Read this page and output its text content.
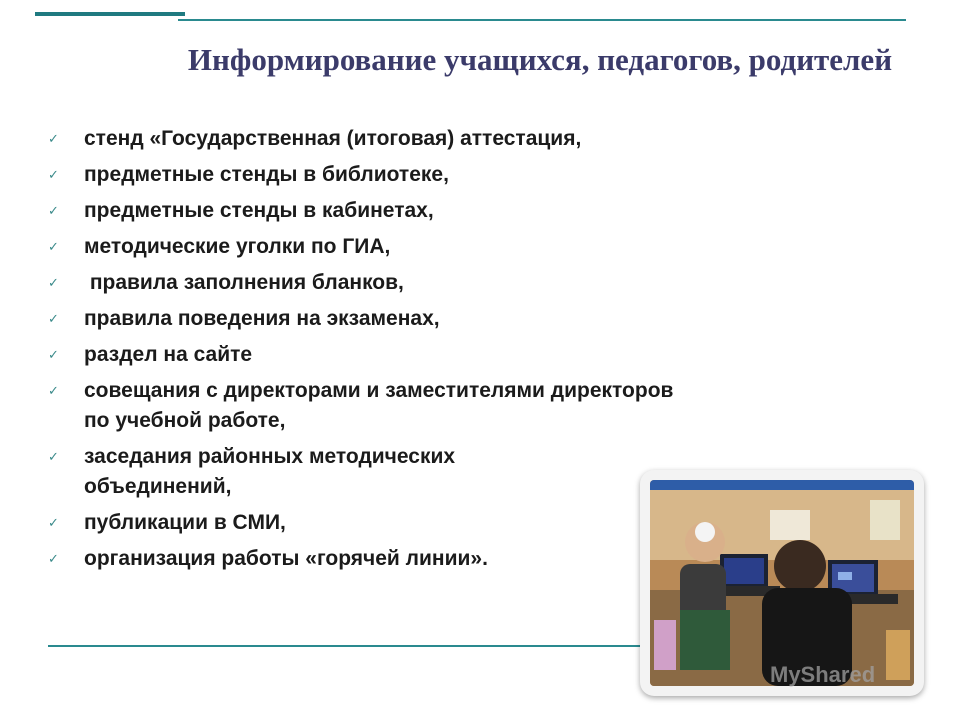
Информирование учащихся, педагогов, родителей
✓ стенд «Государственная (итоговая) аттестация,
✓ предметные стенды в библиотеке,
✓ предметные стенды в кабинетах,
✓ методические уголки по ГИА,
✓ правила заполнения бланков,
✓ правила поведения на экзаменах,
✓ раздел на сайте
✓ совещания с директорами и заместителями директоров по учебной работе,
✓ заседания районных методических объединений,
✓ публикации в СМИ,
✓ организация работы «горячей линии».
MyShared
